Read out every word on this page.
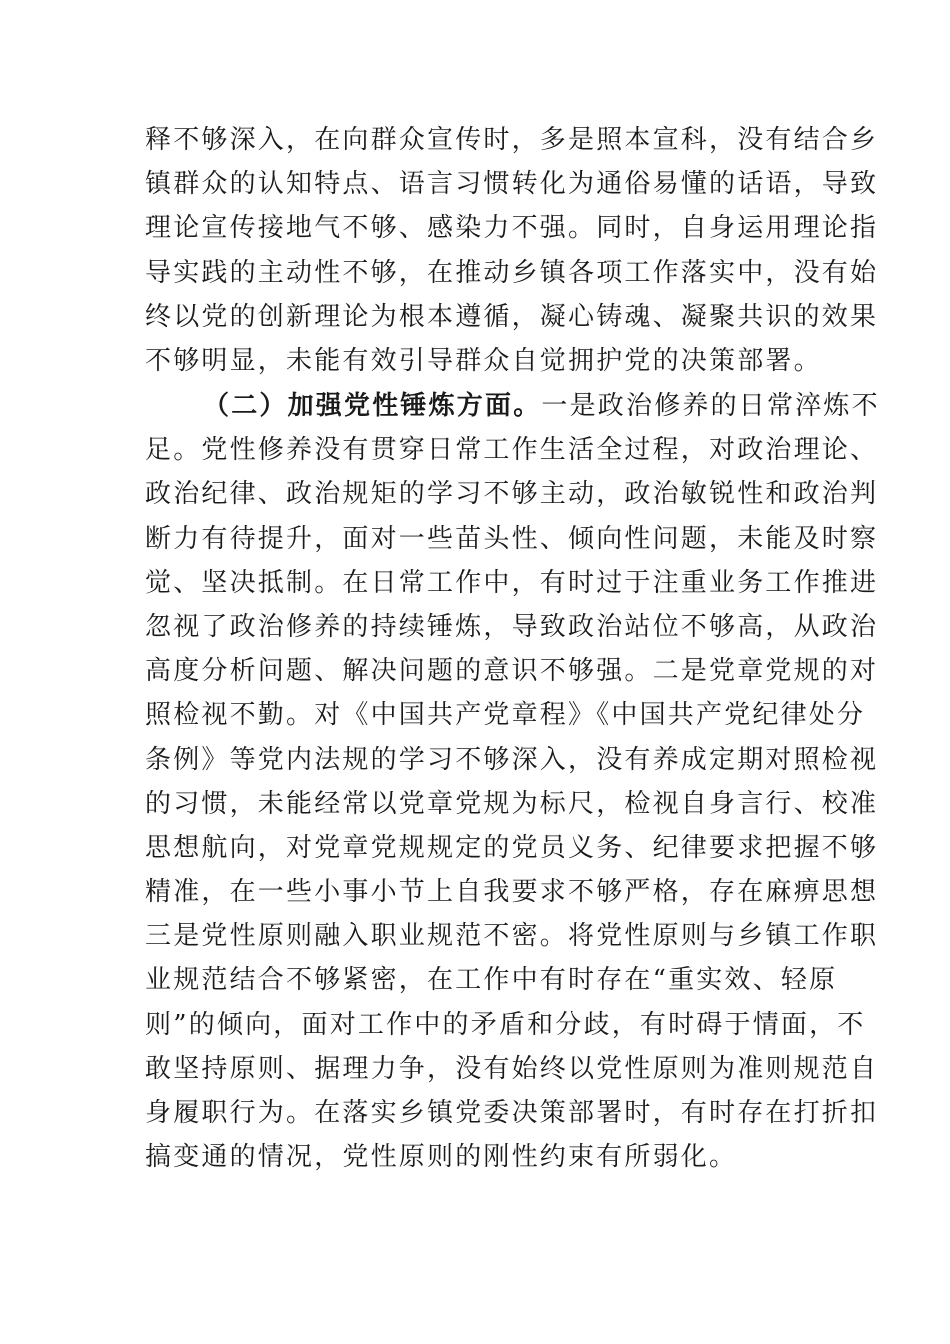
释不够深入，在向群众宣传时，多是照本宣科，没有结合乡
镇群众的认知特点、语言习惯转化为通俗易懂的话语，导致
理论宣传接地气不够、感染力不强。同时，自身运用理论指
导实践的主动性不够，在推动乡镇各项工作落实中，没有始
终以党的创新理论为根本遵循，凝心铸魂、凝聚共识的效果
不够明显，未能有效引导群众自觉拥护党的决策部署。
（二）加强党性锤炼方面。一是政治修养的日常淬炼不
足。党性修养没有贯穿日常工作生活全过程，对政治理论、
政治纪律、政治规矩的学习不够主动，政治敏锐性和政治判
断力有待提升，面对一些苗头性、倾向性问题，未能及时察
觉、坚决抵制。在日常工作中，有时过于注重业务工作推进
忽视了政治修养的持续锤炼，导致政治站位不够高，从政治
高度分析问题、解决问题的意识不够强。二是党章党规的对
照检视不勤。对《中国共产党章程》《中国共产党纪律处分
条例》等党内法规的学习不够深入，没有养成定期对照检视
的习惯，未能经常以党章党规为标尺，检视自身言行、校准
思想航向，对党章党规规定的党员义务、纪律要求把握不够
精准，在一些小事小节上自我要求不够严格，存在麻痹思想
三是党性原则融入职业规范不密。将党性原则与乡镇工作职
业规范结合不够紧密，在工作中有时存在“重实效、轻原
则”的倾向，面对工作中的矛盾和分歧，有时碍于情面，不
敢坚持原则、据理力争，没有始终以党性原则为准则规范自
身履职行为。在落实乡镇党委决策部署时，有时存在打折扣
搞变通的情况，党性原则的刚性约束有所弱化。
